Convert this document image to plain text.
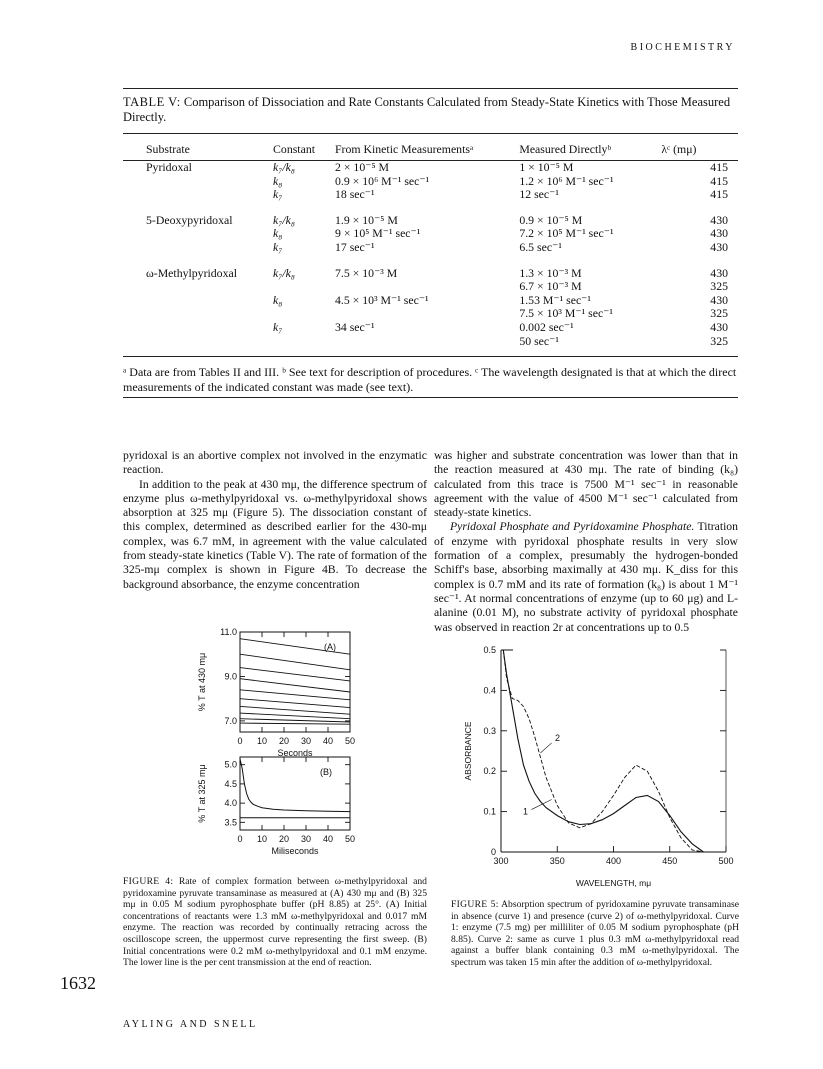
BIOCHEMISTRY
TABLE V: Comparison of Dissociation and Rate Constants Calculated from Steady-State Kinetics with Those Measured Directly.
Substrate	Constant	From Kinetic Measurementsᵃ	Measured Directlyᵇ	λᶜ (mμ)
Pyridoxal	k₇/k₈	2 × 10⁻⁵ M	1 × 10⁻⁵ M	415
	k₈	0.9 × 10⁶ M⁻¹ sec⁻¹	1.2 × 10⁶ M⁻¹ sec⁻¹	415
	k₇	18 sec⁻¹	12 sec⁻¹	415
5-Deoxypyridoxal	k₇/k₈	1.9 × 10⁻⁵ M	0.9 × 10⁻⁵ M	430
	k₈	9 × 10⁵ M⁻¹ sec⁻¹	7.2 × 10⁵ M⁻¹ sec⁻¹	430
	k₇	17 sec⁻¹	6.5 sec⁻¹	430
ω-Methylpyridoxal	k₇/k₈	7.5 × 10⁻³ M	1.3 × 10⁻³ M	430
			6.7 × 10⁻³ M	325
	k₈	4.5 × 10³ M⁻¹ sec⁻¹	1.53 M⁻¹ sec⁻¹	430
			7.5 × 10³ M⁻¹ sec⁻¹	325
	k₇	34 sec⁻¹	0.002 sec⁻¹	430
			50 sec⁻¹	325
ᵃ Data are from Tables II and III. ᵇ See text for description of procedures. ᶜ The wavelength designated is that at which the direct measurements of the indicated constant was made (see text).

pyridoxal is an abortive complex not involved in the enzymatic reaction.

In addition to the peak at 430 mμ, the difference spectrum of enzyme plus ω-methylpyridoxal vs. ω-methylpyridoxal shows absorption at 325 mμ (Figure 5). The dissociation constant of this complex, determined as described earlier for the 430-mμ complex, was 6.7 mM, in agreement with the value calculated from steady-state kinetics (Table V). The rate of formation of the 325-mμ complex is shown in Figure 4B. To decrease the background absorbance, the enzyme concentration

was higher and substrate concentration was lower than that in the reaction measured at 430 mμ. The rate of binding (k₈) calculated from this trace is 7500 M⁻¹ sec⁻¹ in reasonable agreement with the value of 4500 M⁻¹ sec⁻¹ calculated from steady-state kinetics.

Pyridoxal Phosphate and Pyridoxamine Phosphate. Titration of enzyme with pyridoxal phosphate results in very slow formation of a complex, presumably the hydrogen-bonded Schiff's base, absorbing maximally at 430 mμ. K_diss for this complex is 0.7 mM and its rate of formation (k₈) is about 1 M⁻¹ sec⁻¹. At normal concentrations of enzyme (up to 60 μg) and L-alanine (0.01 M), no substrate activity of pyridoxal phosphate was observed in reaction 2r at concentrations up to 0.5

0 10 20 30 40 50
11.0
9.0
7.0
(A)
Seconds
% T at 430 mμ
0 10 20 30 40 50
5.0
4.5
4.0
3.5
(B)
Miliseconds
% T at 325 mμ
FIGURE 4: Rate of complex formation between ω-methylpyridoxal and pyridoxamine pyruvate transaminase as measured at (A) 430 mμ and (B) 325 mμ in 0.05 M sodium pyrophosphate buffer (pH 8.85) at 25°. (A) Initial concentrations of reactants were 1.3 mM ω-methylpyridoxal and 0.017 mM enzyme. The reaction was recorded by continually retracing across the oscilloscope screen, the uppermost curve representing the first sweep. (B) Initial concentrations were 0.2 mM ω-methylpyridoxal and 0.1 mM enzyme. The lower line is the per cent transmission at the end of reaction.
0.5
0.4
0.3
0.2
0.1
0
300	350	400	450	500
2
1
WAVELENGTH, mμ
ABSORBANCE
FIGURE 5: Absorption spectrum of pyridoxamine pyruvate transaminase in absence (curve 1) and presence (curve 2) of ω-methylpyridoxal. Curve 1: enzyme (7.5 mg) per milliliter of 0.05 M sodium pyrophosphate (pH 8.85). Curve 2: same as curve 1 plus 0.3 mM ω-methylpyridoxal read against a buffer blank containing 0.3 mM ω-methylpyridoxal. The spectrum was taken 15 min after the addition of ω-methylpyridoxal.
1632
AYLING AND SNELL
